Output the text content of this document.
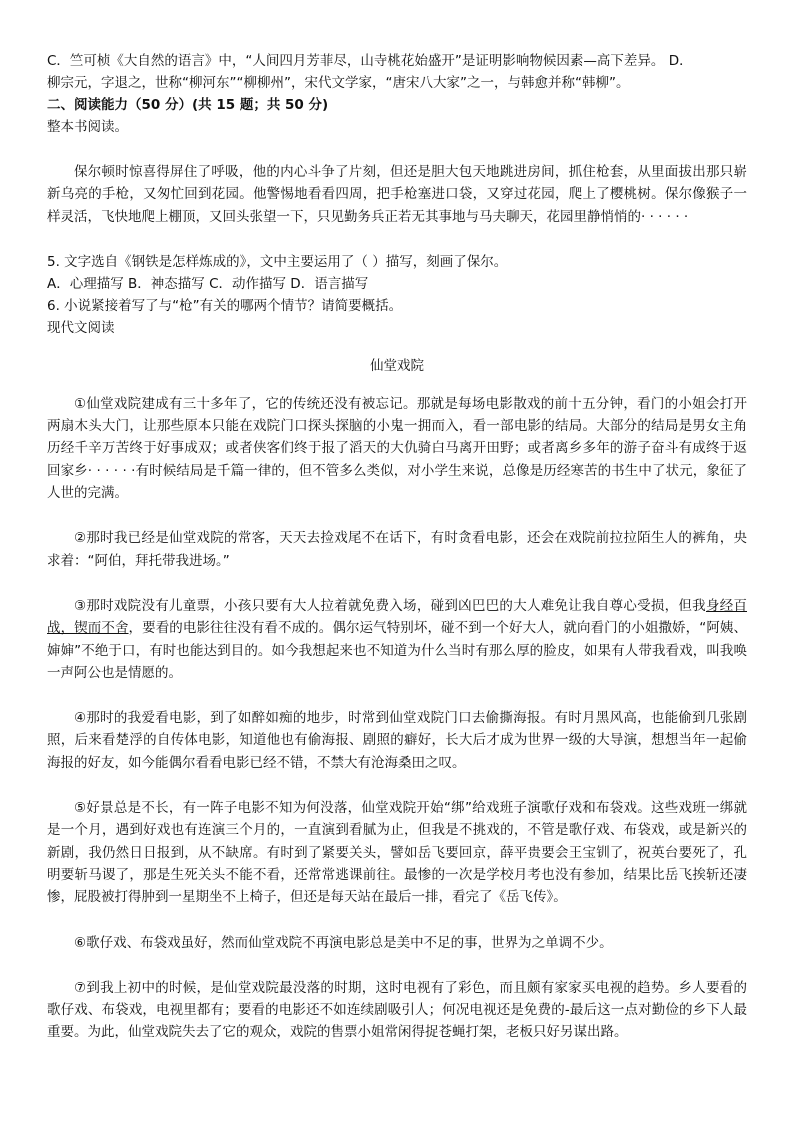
C．竺可桢《大自然的语言》中，“人间四月芳菲尽，山寺桃花始盛开”是证明影响物候因素—高下差异。 D．
柳宗元，字退之，世称“柳河东”“柳柳州”，宋代文学家，“唐宋八大家”之一，与韩愈并称“韩柳”。
二、阅读能力（50 分）(共 15 题；共 50 分)
整本书阅读。

保尔顿时惊喜得屏住了呼吸，他的内心斗争了片刻，但还是胆大包天地跳进房间，抓住枪套，从里面拔出那只崭新乌亮的手枪，又匆忙回到花园。他警惕地看看四周，把手枪塞进口袋，又穿过花园，爬上了樱桃树。保尔像猴子一样灵活，飞快地爬上棚顶，又回头张望一下，只见勤务兵正若无其事地与马夫聊天，花园里静悄悄的· · · · · ·

5. 文字选自《钢铁是怎样炼成的》，文中主要运用了（ ）描写，刻画了保尔。
A．心理描写 B．神态描写 C．动作描写 D．语言描写
6. 小说紧接着写了与“枪”有关的哪两个情节？请简要概括。
现代文阅读
仙堂戏院

①仙堂戏院建成有三十多年了，它的传统还没有被忘记。那就是每场电影散戏的前十五分钟，看门的小姐会打开两扇木头大门，让那些原本只能在戏院门口探头探脑的小鬼一拥而入，看一部电影的结局。大部分的结局是男女主角历经千辛万苦终于好事成双；或者侠客们终于报了滔天的大仇骑白马离开田野；或者离乡多年的游子奋斗有成终于返回家乡· · · · · ·有时候结局是千篇一律的，但不管多么类似，对小学生来说，总像是历经寒苦的书生中了状元，象征了人世的完满。

②那时我已经是仙堂戏院的常客，天天去捡戏尾不在话下，有时贪看电影，还会在戏院前拉拉陌生人的裤角，央求着：“阿伯，拜托带我进场。”

③那时戏院没有儿童票，小孩只要有大人拉着就免费入场，碰到凶巴巴的大人难免让我自尊心受损，但我身经百战，锲而不舍，要看的电影往往没有看不成的。偶尔运气特别坏，碰不到一个好大人，就向看门的小姐撒娇，“阿姨、婶婶”不绝于口，有时也能达到目的。如今我想起来也不知道为什么当时有那么厚的脸皮，如果有人带我看戏，叫我唤一声阿公也是情愿的。

④那时的我爱看电影，到了如醉如痴的地步，时常到仙堂戏院门口去偷撕海报。有时月黑风高，也能偷到几张剧照，后来看楚浮的自传体电影，知道他也有偷海报、剧照的癖好，长大后才成为世界一级的大导演，想想当年一起偷海报的好友，如今能偶尔看看电影已经不错，不禁大有沧海桑田之叹。

⑤好景总是不长，有一阵子电影不知为何没落，仙堂戏院开始“绑”给戏班子演歌仔戏和布袋戏。这些戏班一绑就是一个月，遇到好戏也有连演三个月的，一直演到看腻为止，但我是不挑戏的，不管是歌仔戏、布袋戏，或是新兴的新剧，我仍然日日报到，从不缺席。有时到了紧要关头，譬如岳飞要回京，薛平贵要会王宝钏了，祝英台要死了，孔明要斩马谡了，那是生死关头不能不看，还常常逃课前往。最惨的一次是学校月考也没有参加，结果比岳飞挨斩还凄惨，屁股被打得肿到一星期坐不上椅子，但还是每天站在最后一排，看完了《岳飞传》。

⑥歌仔戏、布袋戏虽好，然而仙堂戏院不再演电影总是美中不足的事，世界为之单调不少。

⑦到我上初中的时候，是仙堂戏院最没落的时期，这时电视有了彩色，而且颇有家家买电视的趋势。乡人要看的歌仔戏、布袋戏，电视里都有；要看的电影还不如连续剧吸引人；何况电视还是免费的-最后这一点对勤俭的乡下人最重要。为此，仙堂戏院失去了它的观众，戏院的售票小姐常闲得捉苍蝇打架，老板只好另谋出路。
